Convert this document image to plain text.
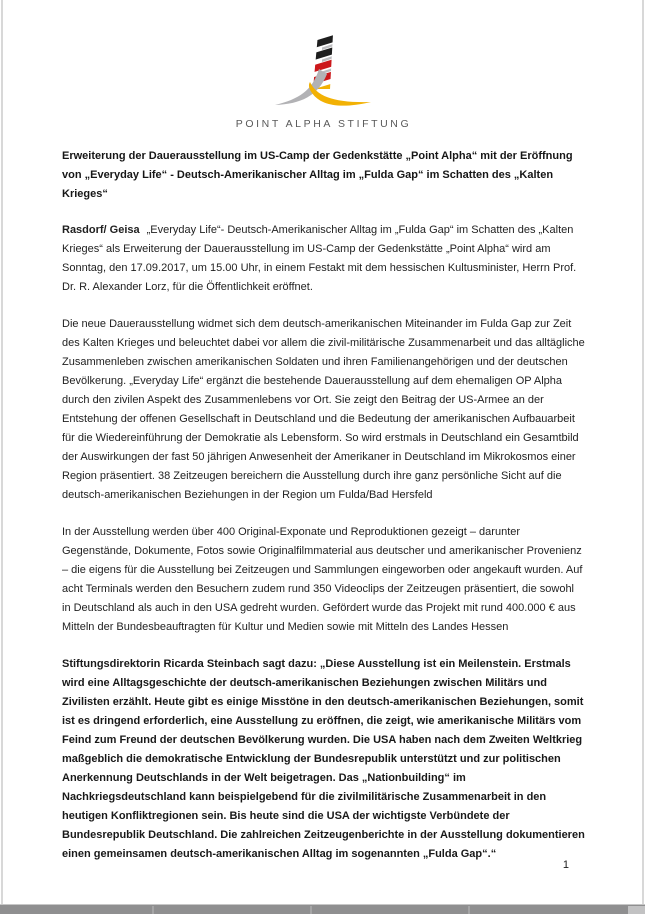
POINT ALPHA STIFTUNG
Erweiterung der Dauerausstellung im US-Camp der Gedenkstätte „Point Alpha“ mit der Eröffnung von „Everyday Life“ - Deutsch-Amerikanischer Alltag im „Fulda Gap“ im Schatten des „Kalten Krieges“

Rasdorf/ Geisa „Everyday Life“- Deutsch-Amerikanischer Alltag im „Fulda Gap“ im Schatten des „Kalten Krieges“ als Erweiterung der Dauerausstellung im US-Camp der Gedenkstätte „Point Alpha“ wird am Sonntag, den 17.09.2017, um 15.00 Uhr, in einem Festakt mit dem hessischen Kultusminister, Herrn Prof. Dr. R. Alexander Lorz, für die Öffentlichkeit eröffnet.

Die neue Dauerausstellung widmet sich dem deutsch-amerikanischen Miteinander im Fulda Gap zur Zeit des Kalten Krieges und beleuchtet dabei vor allem die zivil-militärische Zusammenarbeit und das alltägliche Zusammenleben zwischen amerikanischen Soldaten und ihren Familienangehörigen und der deutschen Bevölkerung. „Everyday Life“ ergänzt die bestehende Dauerausstellung auf dem ehemaligen OP Alpha durch den zivilen Aspekt des Zusammenlebens vor Ort. Sie zeigt den Beitrag der US-Armee an der Entstehung der offenen Gesellschaft in Deutschland und die Bedeutung der amerikanischen Aufbauarbeit für die Wiedereinführung der Demokratie als Lebensform. So wird erstmals in Deutschland ein Gesamtbild der Auswirkungen der fast 50 jährigen Anwesenheit der Amerikaner in Deutschland im Mikrokosmos einer Region präsentiert. 38 Zeitzeugen bereichern die Ausstellung durch ihre ganz persönliche Sicht auf die deutsch-amerikanischen Beziehungen in der Region um Fulda/Bad Hersfeld

In der Ausstellung werden über 400 Original-Exponate und Reproduktionen gezeigt – darunter Gegenstände, Dokumente, Fotos sowie Originalfilmmaterial aus deutscher und amerikanischer Provenienz – die eigens für die Ausstellung bei Zeitzeugen und Sammlungen eingeworben oder angekauft wurden. Auf acht Terminals werden den Besuchern zudem rund 350 Videoclips der Zeitzeugen präsentiert, die sowohl in Deutschland als auch in den USA gedreht wurden. Gefördert wurde das Projekt mit rund 400.000 € aus Mitteln der Bundesbeauftragten für Kultur und Medien sowie mit Mitteln des Landes Hessen

Stiftungsdirektorin Ricarda Steinbach sagt dazu: „Diese Ausstellung ist ein Meilenstein. Erstmals wird eine Alltagsgeschichte der deutsch-amerikanischen Beziehungen zwischen Militärs und Zivilisten erzählt. Heute gibt es einige Misstöne in den deutsch-amerikanischen Beziehungen, somit ist es dringend erforderlich, eine Ausstellung zu eröffnen, die zeigt, wie amerikanische Militärs vom Feind zum Freund der deutschen Bevölkerung wurden. Die USA haben nach dem Zweiten Weltkrieg maßgeblich die demokratische Entwicklung der Bundesrepublik unterstützt und zur politischen Anerkennung Deutschlands in der Welt beigetragen. Das „Nationbuilding“ im Nachkriegsdeutschland kann beispielgebend für die zivilmilitärische Zusammenarbeit in den heutigen Konfliktregionen sein. Bis heute sind die USA der wichtigste Verbündete der Bundesrepublik Deutschland. Die zahlreichen Zeitzeugenberichte in der Ausstellung dokumentieren einen gemeinsamen deutsch-amerikanischen Alltag im sogenannten „Fulda Gap“.“

1
